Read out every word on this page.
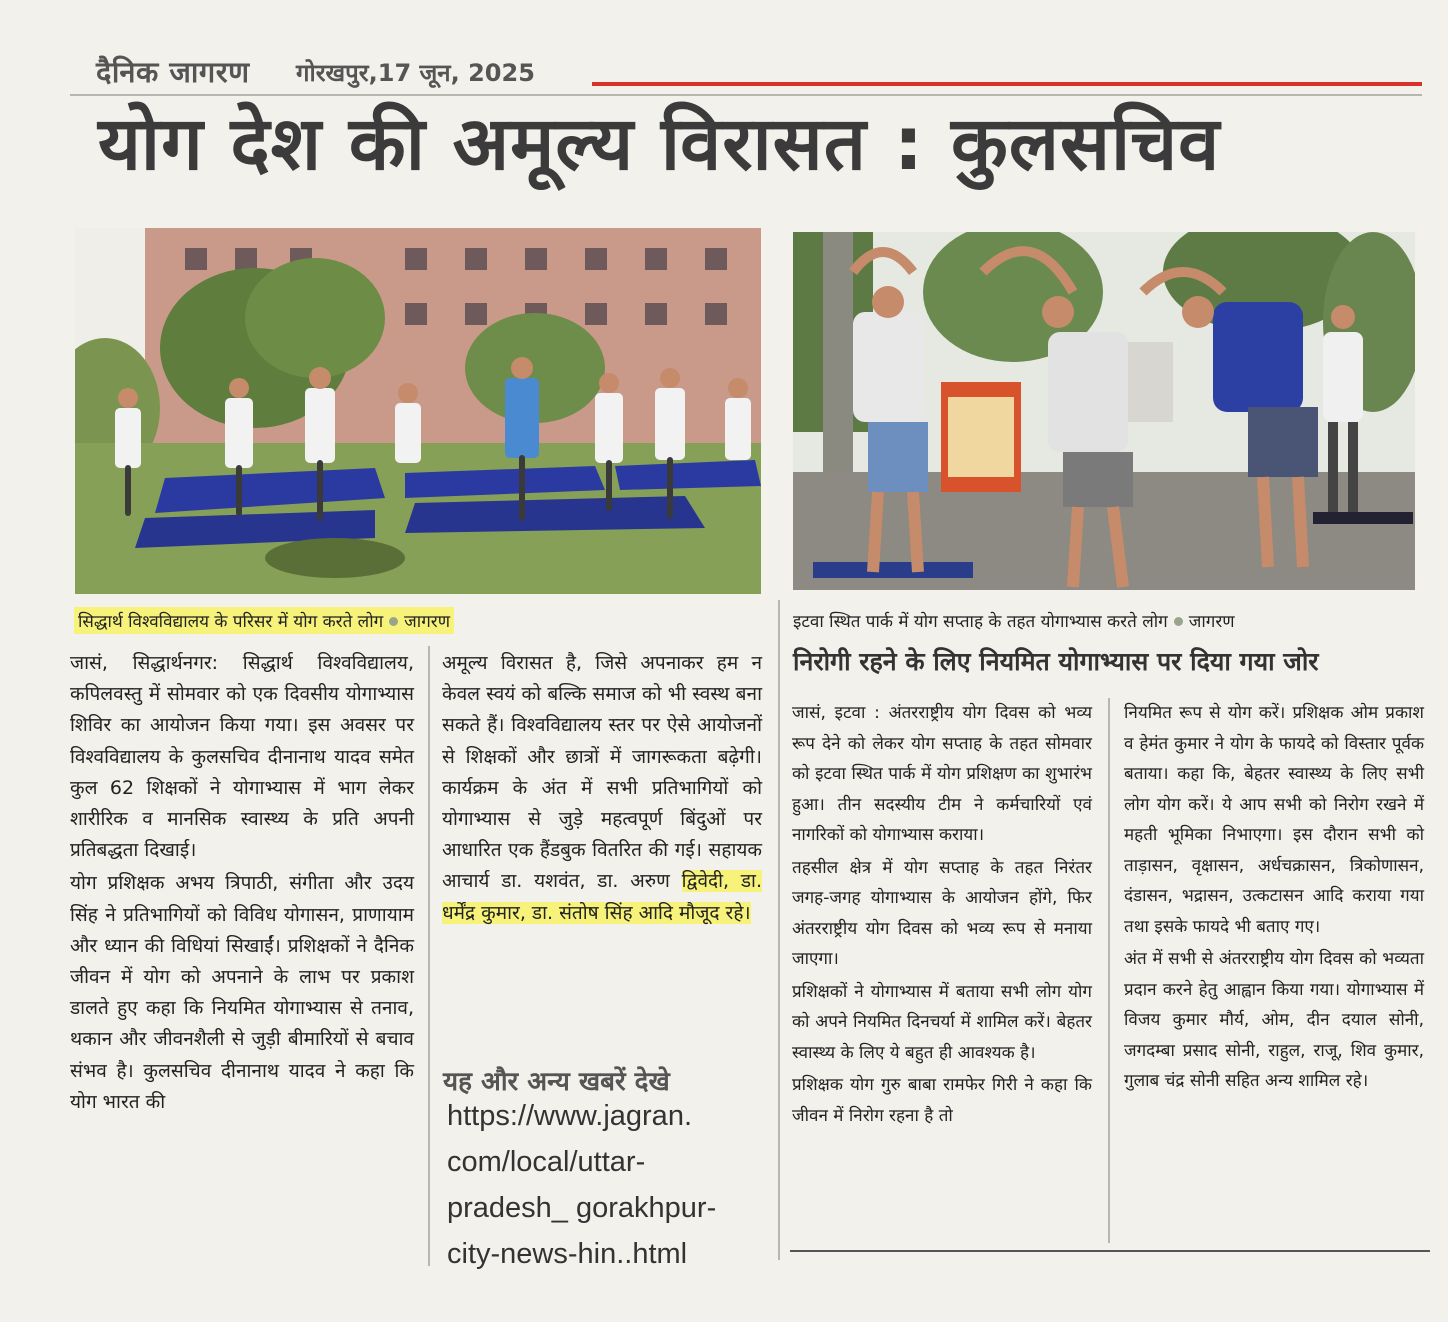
दैनिक जागरण गोरखपुर,17 जून, 2025
योग देश की अमूल्य विरासत : कुलसचिव
सिद्धार्थ विश्वविद्यालय के परिसर में योग करते लोग जागरण	इटवा स्थित पार्क में योग सप्ताह के तहत योगाभ्यास करते लोग जागरण

जासं, सिद्धार्थनगर: सिद्धार्थ विश्वविद्यालय, कपिलवस्तु में सोमवार को एक दिवसीय योगाभ्यास शिविर का आयोजन किया गया। इस अवसर पर विश्वविद्यालय के कुलसचिव दीनानाथ यादव समेत कुल 62 शिक्षकों ने योगाभ्यास में भाग लेकर शारीरिक व मानसिक स्वास्थ्य के प्रति अपनी प्रतिबद्धता दिखाई।

योग प्रशिक्षक अभय त्रिपाठी, संगीता और उदय सिंह ने प्रतिभागियों को विविध योगासन, प्राणायाम और ध्यान की विधियां सिखाईं। प्रशिक्षकों ने दैनिक जीवन में योग को अपनाने के लाभ पर प्रकाश डालते हुए कहा कि नियमित योगाभ्यास से तनाव, थकान और जीवनशैली से जुड़ी बीमारियों से बचाव संभव है। कुलसचिव दीनानाथ यादव ने कहा कि योग भारत की

अमूल्य विरासत है, जिसे अपनाकर हम न केवल स्वयं को बल्कि समाज को भी स्वस्थ बना सकते हैं। विश्वविद्यालय स्तर पर ऐसे आयोजनों से शिक्षकों और छात्रों में जागरूकता बढ़ेगी। कार्यक्रम के अंत में सभी प्रतिभागियों को योगाभ्यास से जुड़े महत्वपूर्ण बिंदुओं पर आधारित एक हैंडबुक वितरित की गई। सहायक आचार्य डा. यशवंत, डा. अरुण द्विवेदी, डा. धर्मेंद्र कुमार, डा. संतोष सिंह आदि मौजूद रहे।
यह और अन्य खबरें देखे
https://www.jagran.
com/local/uttar-
pradesh_ gorakhpur-
city-news-hin..html
निरोगी रहने के लिए नियमित योगाभ्यास पर दिया गया जोर

जासं, इटवा : अंतरराष्ट्रीय योग दिवस को भव्य रूप देने को लेकर योग सप्ताह के तहत सोमवार को इटवा स्थित पार्क में योग प्रशिक्षण का शुभारंभ हुआ। तीन सदस्यीय टीम ने कर्मचारियों एवं नागरिकों को योगाभ्यास कराया।

तहसील क्षेत्र में योग सप्ताह के तहत निरंतर जगह-जगह योगाभ्यास के आयोजन होंगे, फिर अंतरराष्ट्रीय योग दिवस को भव्य रूप से मनाया जाएगा।

प्रशिक्षकों ने योगाभ्यास में बताया सभी लोग योग को अपने नियमित दिनचर्या में शामिल करें। बेहतर स्वास्थ्य के लिए ये बहुत ही आवश्यक है।

प्रशिक्षक योग गुरु बाबा रामफेर गिरी ने कहा कि जीवन में निरोग रहना है तो

नियमित रूप से योग करें। प्रशिक्षक ओम प्रकाश व हेमंत कुमार ने योग के फायदे को विस्तार पूर्वक बताया। कहा कि, बेहतर स्वास्थ्य के लिए सभी लोग योग करें। ये आप सभी को निरोग रखने में महती भूमिका निभाएगा। इस दौरान सभी को ताड़ासन, वृक्षासन, अर्धचक्रासन, त्रिकोणासन, दंडासन, भद्रासन, उत्कटासन आदि कराया गया तथा इसके फायदे भी बताए गए।

अंत में सभी से अंतरराष्ट्रीय योग दिवस को भव्यता प्रदान करने हेतु आह्वान किया गया। योगाभ्यास में विजय कुमार मौर्य, ओम, दीन दयाल सोनी, जगदम्बा प्रसाद सोनी, राहुल, राजू, शिव कुमार, गुलाब चंद्र सोनी सहित अन्य शामिल रहे।
